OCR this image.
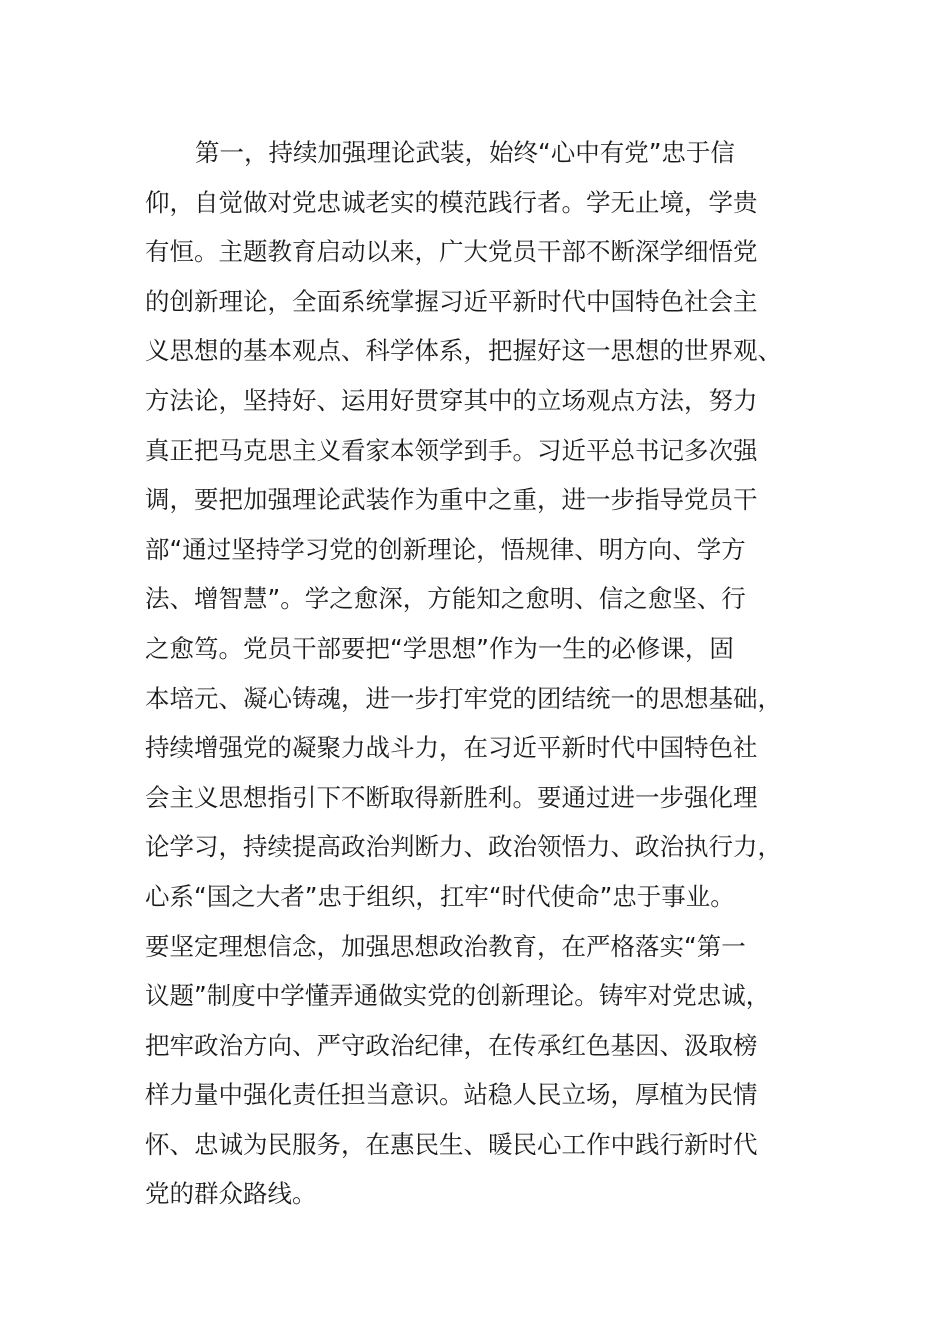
第一，持续加强理论武装，始终“心中有党”忠于信
仰，自觉做对党忠诚老实的模范践行者。学无止境，学贵
有恒。主题教育启动以来，广大党员干部不断深学细悟党
的创新理论，全面系统掌握习近平新时代中国特色社会主
义思想的基本观点、科学体系，把握好这一思想的世界观、
方法论，坚持好、运用好贯穿其中的立场观点方法，努力
真正把马克思主义看家本领学到手。习近平总书记多次强
调，要把加强理论武装作为重中之重，进一步指导党员干
部“通过坚持学习党的创新理论，悟规律、明方向、学方
法、增智慧”。学之愈深，方能知之愈明、信之愈坚、行
之愈笃。党员干部要把“学思想”作为一生的必修课，固
本培元、凝心铸魂，进一步打牢党的团结统一的思想基础，
持续增强党的凝聚力战斗力，在习近平新时代中国特色社
会主义思想指引下不断取得新胜利。要通过进一步强化理
论学习，持续提高政治判断力、政治领悟力、政治执行力，
心系“国之大者”忠于组织，扛牢“时代使命”忠于事业。
要坚定理想信念，加强思想政治教育，在严格落实“第一
议题”制度中学懂弄通做实党的创新理论。铸牢对党忠诚，
把牢政治方向、严守政治纪律，在传承红色基因、汲取榜
样力量中强化责任担当意识。站稳人民立场，厚植为民情
怀、忠诚为民服务，在惠民生、暖民心工作中践行新时代
党的群众路线。
